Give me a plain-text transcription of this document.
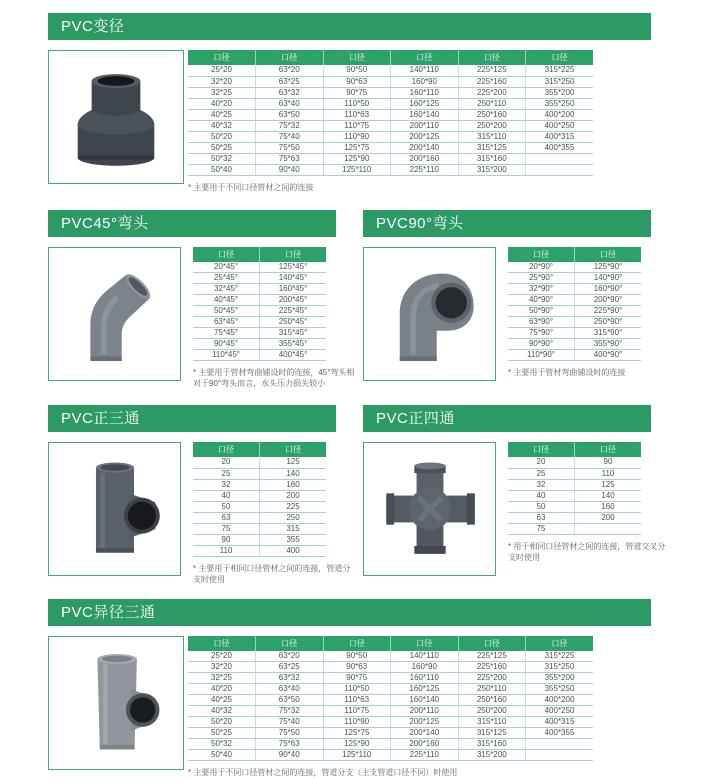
PVC变径
口径	口径	口径	口径	口径	口径
25*20	63*20	90*50	140*110	225*125	315*225
32*20	63*25	90*63	160*90	225*160	315*250
32*25	63*32	90*75	160*110	225*200	355*200
40*20	63*40	110*50	160*125	250*110	355*250
40*25	63*50	110*63	160*140	250*160	400*200
40*32	75*32	110*75	200*110	250*200	400*250
50*20	75*40	110*90	200*125	315*110	400*315
50*25	75*50	125*75	200*140	315*125	400*355
50*32	75*63	125*90	200*160	315*160	
50*40	90*40	125*110	225*110	315*200	
* 主要用于不同口径管材之间的连接
PVC45°弯头
口径	口径
20*45°	125*45°
25*45°	140*45°
32*45°	160*45°
40*45°	200*45°
50*45°	225*45°
63*45°	250*45°
75*45°	315*45°
90*45°	355*45°
110*45°	400*45°
* 主要用于管材弯曲铺设时的连接，45°弯头相对于90°弯头而言，水头压力损失较小
PVC90°弯头
口径	口径
20*90°	125*90°
25*90°	140*90°
32*90°	160*90°
40*90°	200*90°
50*90°	225*90°
63*90°	250*90°
75*90°	315*90°
90*90°	355*90°
110*90°	400*90°
* 主要用于管材弯曲铺设时的连接
PVC正三通
口径	口径
20	125
25	140
32	160
40	200
50	225
63	250
75	315
90	355
110	400
* 主要用于相同口径管材之间的连接，管道分支时使用
PVC正四通
口径	口径
20	90
25	110
32	125
40	140
50	160
63	200
75	
* 用于相同口径管材之间的连接，管道交叉分支时使用
PVC异径三通
口径	口径	口径	口径	口径	口径
25*20	63*20	90*50	140*110	225*125	315*225
32*20	63*25	90*63	160*90	225*160	315*250
32*25	63*32	90*75	160*110	225*200	355*200
40*20	63*40	110*50	160*125	250*110	355*250
40*25	63*50	110*63	160*140	250*160	400*200
40*32	75*32	110*75	200*110	250*200	400*250
50*20	75*40	110*90	200*125	315*110	400*315
50*25	75*50	125*75	200*140	315*125	400*355
50*32	75*63	125*90	200*160	315*160	
50*40	90*40	125*110	225*110	315*200	
* 主要用于不同口径管材之间的连接，管道分支（主支管道口径不同）时使用
